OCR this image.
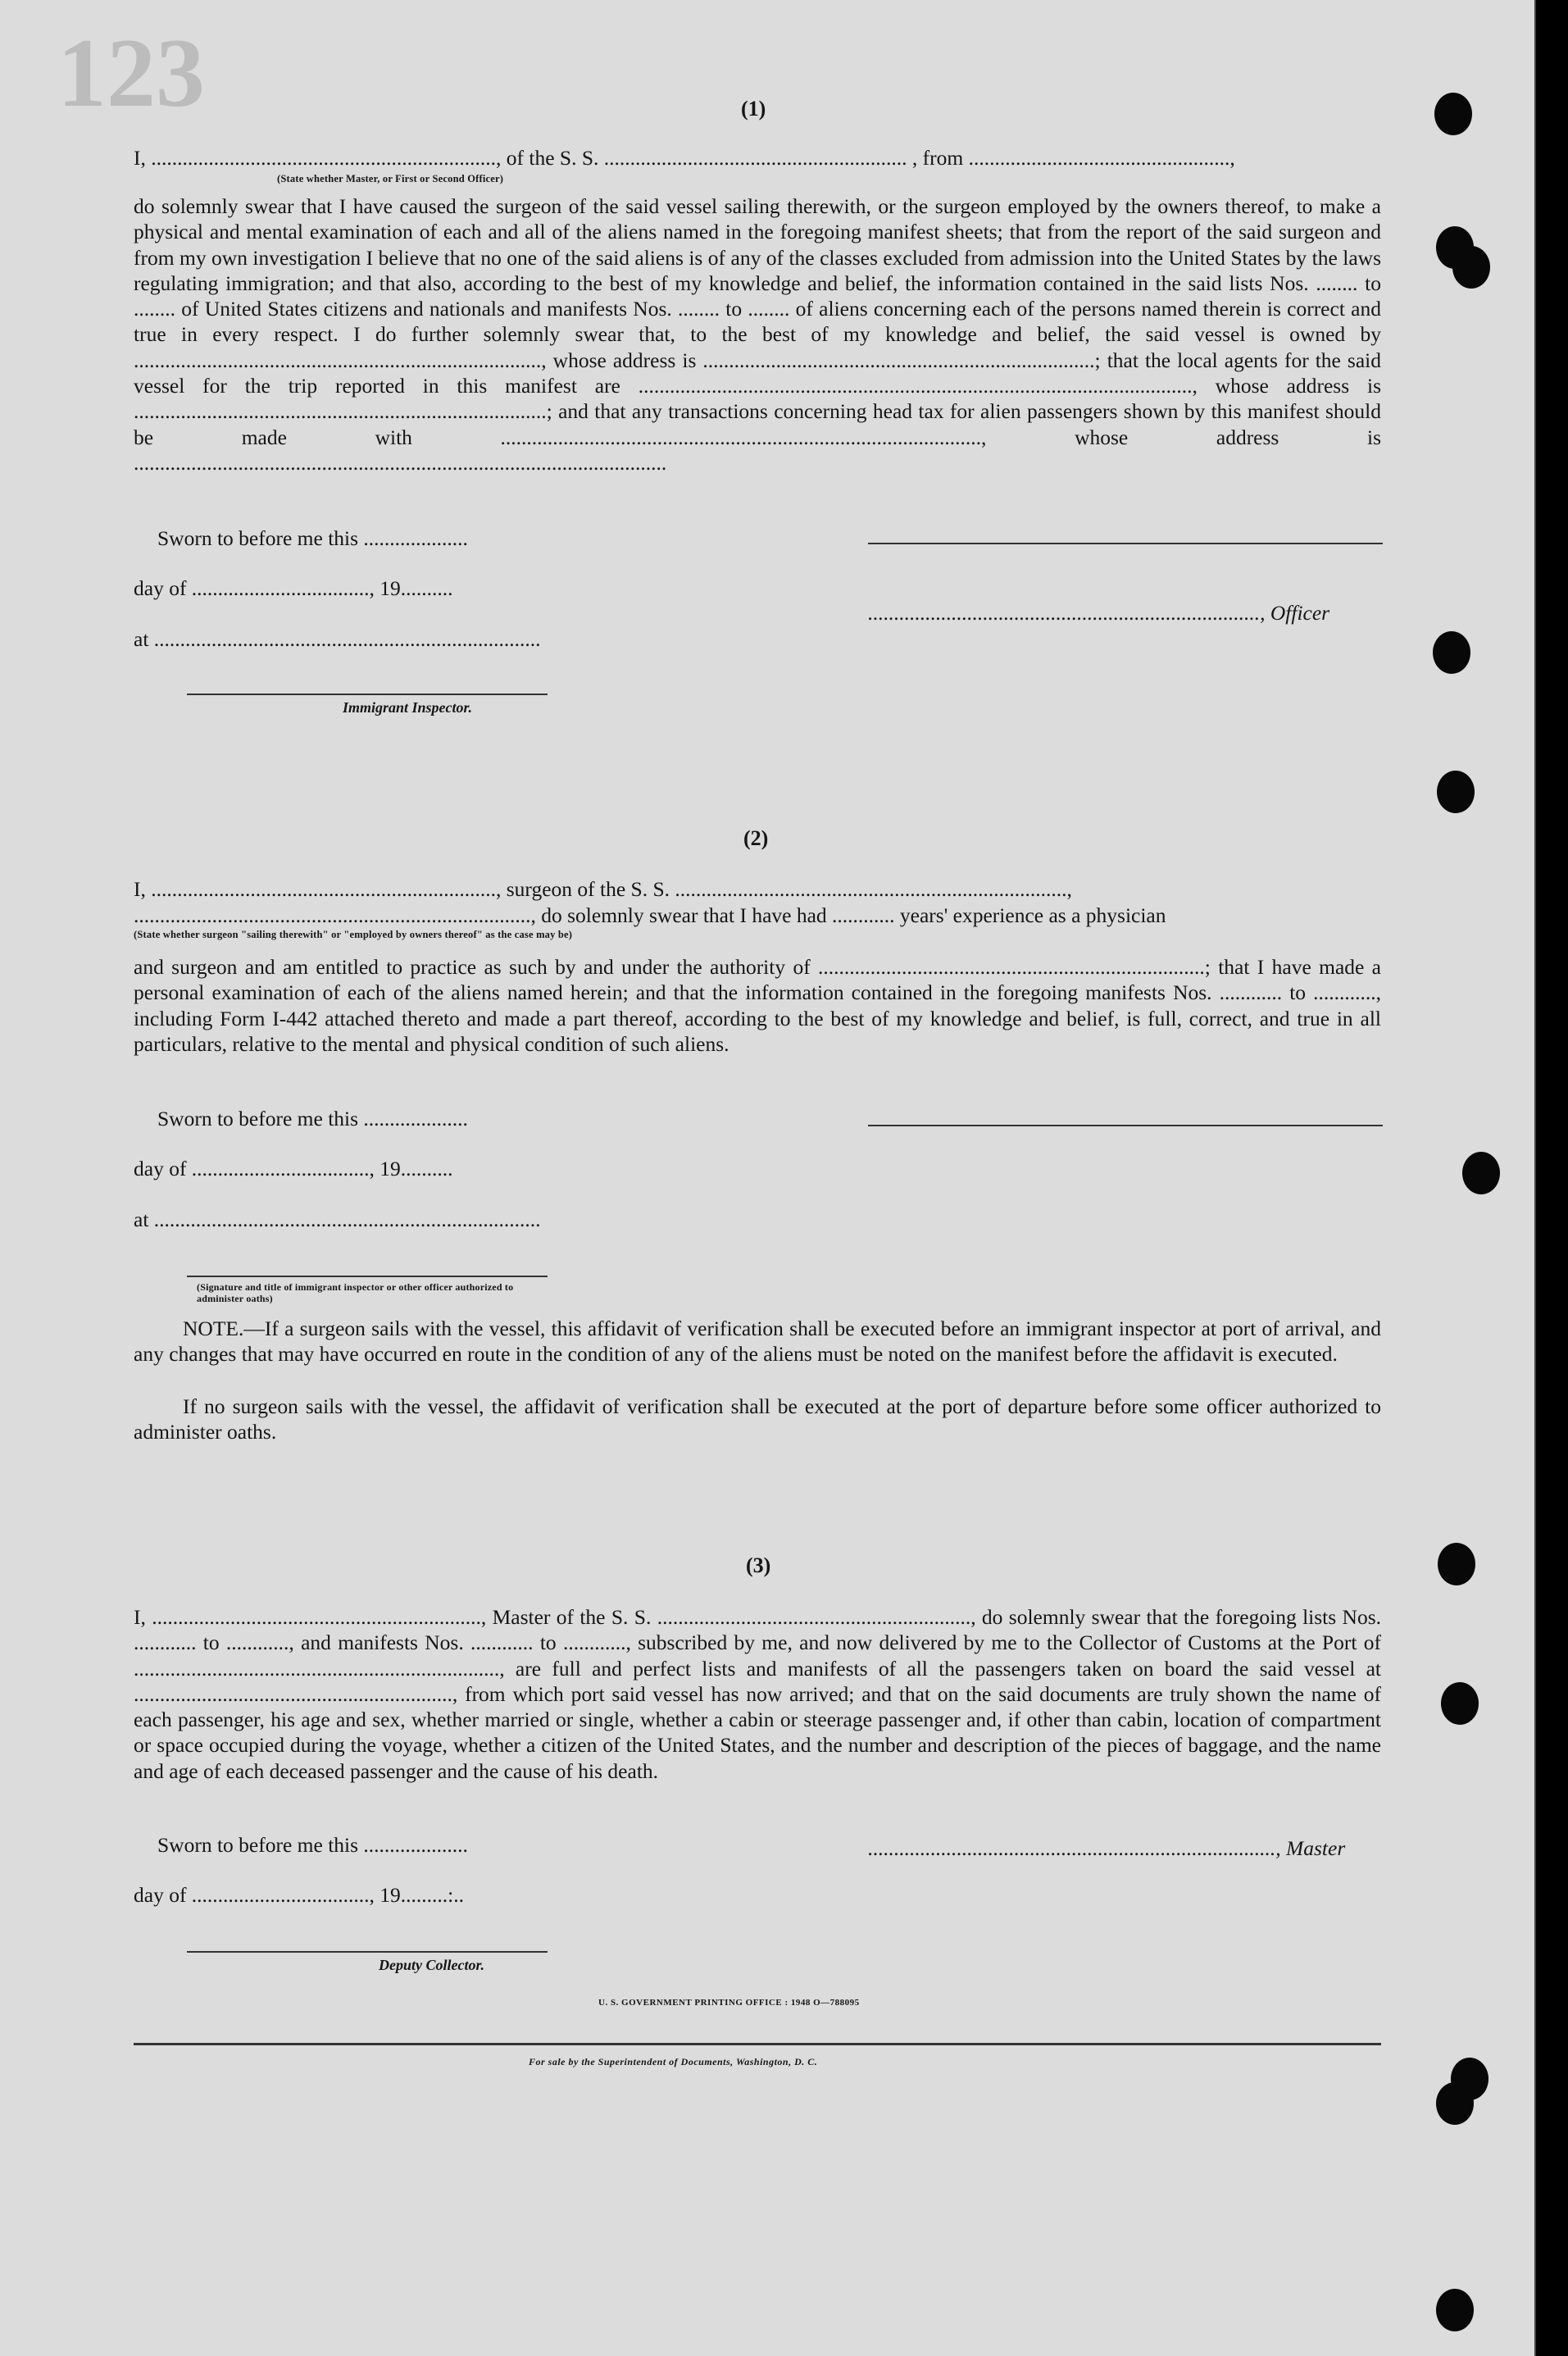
123	(1)
I, .................................................................., of the S. S. .......................................................... , from ..................................................,
(State whether Master, or First or Second Officer)
do solemnly swear that I have caused the surgeon of the said vessel sailing therewith, or the surgeon employed by the owners thereof, to make a physical and mental examination of each and all of the aliens named in the foregoing manifest sheets; that from the report of the said surgeon and from my own investigation I believe that no one of the said aliens is of any of the classes excluded from admission into the United States by the laws regulating immigration; and that also, according to the best of my knowledge and belief, the information contained in the said lists Nos. ........ to ........ of United States citizens and nationals and manifests Nos. ........ to ........ of aliens concerning each of the persons named therein is correct and true in every respect. I do further solemnly swear that, to the best of my knowledge and belief, the said vessel is owned by .............................................................................., whose address is ...........................................................................; that the local agents for the said vessel for the trip reported in this manifest are .........................................................................................................., whose address is ...............................................................................; and that any transactions concerning head tax for alien passengers shown by this manifest should be made with ............................................................................................, whose address is ......................................................................................................
Sworn to before me this ....................
day of .................................., 19..........
..........................................................................., Officer
at ..........................................................................
Immigrant Inspector.
(2)
I, .................................................................., surgeon of the S. S. ...........................................................................,
............................................................................, do solemnly swear that I have had ............ years' experience as a physician
(State whether surgeon "sailing therewith" or "employed by owners thereof" as the case may be)
and surgeon and am entitled to practice as such by and under the authority of ..........................................................................; that I have made a personal examination of each of the aliens named herein; and that the information contained in the foregoing manifests Nos. ............ to ............, including Form I-442 attached thereto and made a part thereof, according to the best of my knowledge and belief, is full, correct, and true in all particulars, relative to the mental and physical condition of such aliens.
Sworn to before me this ....................
day of .................................., 19..........
at ..........................................................................
(Signature and title of immigrant inspector or other officer authorized to administer oaths)
NOTE.—If a surgeon sails with the vessel, this affidavit of verification shall be executed before an immigrant inspector at port of arrival, and any changes that may have occurred en route in the condition of any of the aliens must be noted on the manifest before the affidavit is executed.
If no surgeon sails with the vessel, the affidavit of verification shall be executed at the port of departure before some officer authorized to administer oaths.
(3)
I, ..............................................................., Master of the S. S. ............................................................, do solemnly swear that the foregoing lists Nos. ............ to ............, and manifests Nos. ............ to ............, subscribed by me, and now delivered by me to the Collector of Customs at the Port of ......................................................................, are full and perfect lists and manifests of all the passengers taken on board the said vessel at ............................................................., from which port said vessel has now arrived; and that on the said documents are truly shown the name of each passenger, his age and sex, whether married or single, whether a cabin or steerage passenger and, if other than cabin, location of compartment or space occupied during the voyage, whether a citizen of the United States, and the number and description of the pieces of baggage, and the name and age of each deceased passenger and the cause of his death.
Sworn to before me this ....................	.............................................................................., Master
day of .................................., 19.........:..
Deputy Collector.
U. S. GOVERNMENT PRINTING OFFICE : 1948 O—788095
For sale by the Superintendent of Documents, Washington, D. C.
